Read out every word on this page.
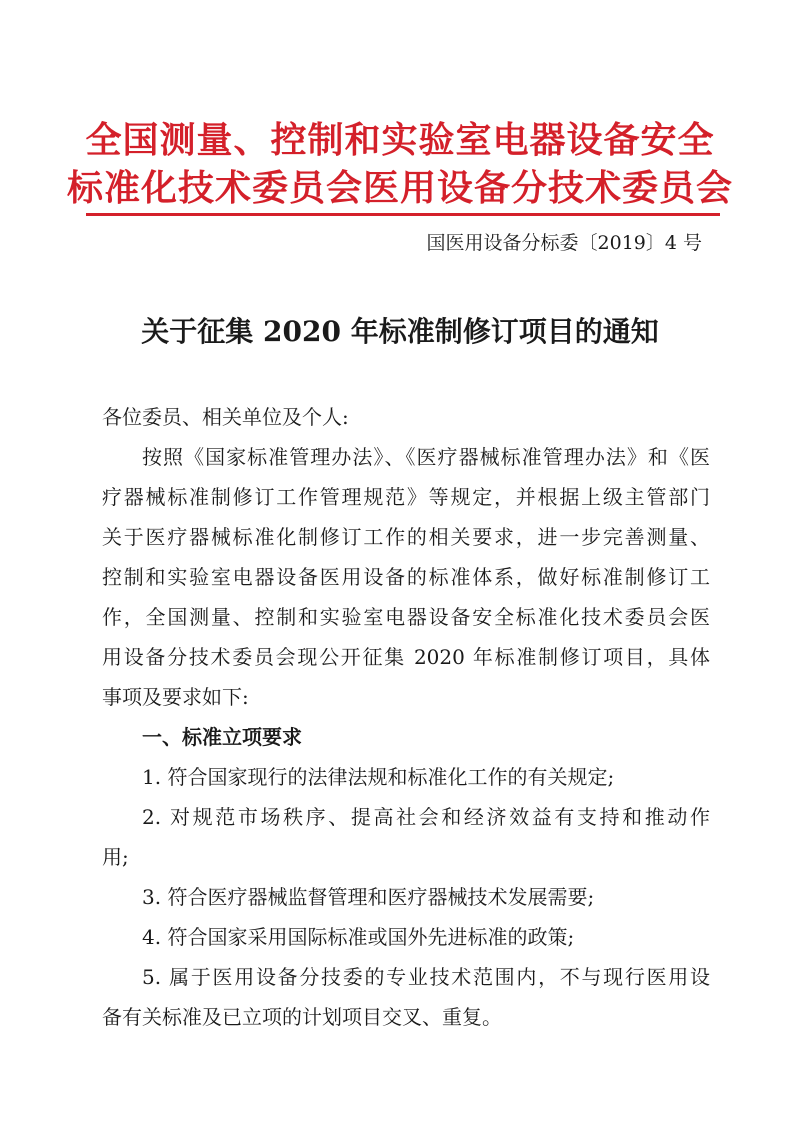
全国测量、控制和实验室电器设备安全
标准化技术委员会医用设备分技术委员会
国医用设备分标委〔2019〕4 号
关于征集 2020 年标准制修订项目的通知
各位委员、相关单位及个人:
按照《国家标准管理办法》、《医疗器械标准管理办法》和《医
疗器械标准制修订工作管理规范》等规定，并根据上级主管部门
关于医疗器械标准化制修订工作的相关要求，进一步完善测量、
控制和实验室电器设备医用设备的标准体系，做好标准制修订工
作，全国测量、控制和实验室电器设备安全标准化技术委员会医
用设备分技术委员会现公开征集 2020 年标准制修订项目，具体
事项及要求如下:
一、标准立项要求
1. 符合国家现行的法律法规和标准化工作的有关规定;
2. 对规范市场秩序、提高社会和经济效益有支持和推动作
用;
3. 符合医疗器械监督管理和医疗器械技术发展需要;
4. 符合国家采用国际标准或国外先进标准的政策;
5. 属于医用设备分技委的专业技术范围内，不与现行医用设
备有关标准及已立项的计划项目交叉、重复。
